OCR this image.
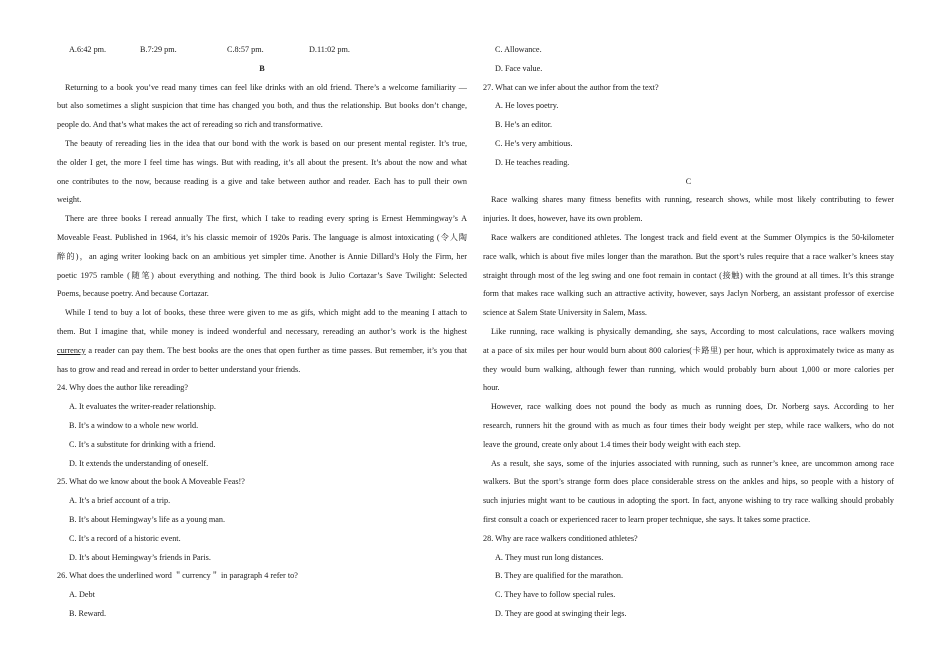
A.6:42 pm.	B.7:29 pm.	C.8:57 pm.	D.11:02 pm.
B
Returning to a book you’ve read many times can feel like drinks with an old friend. There’s a welcome familiarity —
but also sometimes a slight suspicion that time has changed you both, and thus the relationship. But books don’t change,
people do. And that’s what makes the act of rereading so rich and transformative.
The beauty of rereading lies in the idea that our bond with the work is based on our present mental register. It’s true,
the older I get, the more I feel time has wings. But with reading, it’s all about the present. It’s about the now and what
one contributes to the now, because reading is a give and take between author and reader. Each has to pull their own
weight.
There are three books I reread annually The first, which I take to reading every spring is Ernest Hemmingway’s A
Moveable Feast. Published in 1964, it’s his classic memoir of 1920s Paris. The language is almost intoxicating (令人陶
醉的)，an aging writer looking back on an ambitious yet simpler time. Another is Annie Dillard’s Holy the Firm, her
poetic 1975 ramble (随笔) about everything and nothing. The third book is Julio Cortazar’s Save Twilight: Selected
Poems, because poetry. And because Cortazar.
While I tend to buy a lot of books, these three were given to me as gifs, which might add to the meaning I attach to
them. But I imagine that, while money is indeed wonderful and necessary, rereading an author’s work is the highest
currency a reader can pay them. The best books are the ones that open further as time passes. But remember, it’s you that
has to grow and read and reread in order to better understand your friends.
24. Why does the author like rereading?
A. It evaluates the writer-reader relationship.
B. It’s a window to a whole new world.
C. It’s a substitute for drinking with a friend.
D. It extends the understanding of oneself.
25. What do we know about the book A Moveable Feas!?
A. It’s a brief account of a trip.
B. It’s about Hemingway’s life as a young man.
C. It’s a record of a historic event.
D. It’s about Hemingway’s friends in Paris.
26. What does the underlined word ＂currency＂ in paragraph 4 refer to?
A. Debt
B. Reward.
C. Allowance.
D. Face value.
27. What can we infer about the author from the text?
A. He loves poetry.
B. He’s an editor.
C. He’s very ambitious.
D. He teaches reading.
C
Race walking shares many fitness benefits with running, research shows, while most likely contributing to fewer
injuries. It does, however, have its own problem.
Race walkers are conditioned athletes. The longest track and field event at the Summer Olympics is the 50-kilometer
race walk, which is about five miles longer than the marathon. But the sport’s rules require that a race walker’s knees stay
straight through most of the leg swing and one foot remain in contact (接触) with the ground at all times. It’s this strange
form that makes race walking such an attractive activity, however, says Jaclyn Norberg, an assistant professor of exercise
science at Salem State University in Salem, Mass.
Like running, race walking is physically demanding, she says, According to most calculations, race walkers moving
at a pace of six miles per hour would burn about 800 calories(卡路里) per hour, which is approximately twice as many as
they would burn walking, although fewer than running, which would probably burn about 1,000 or more calories per
hour.
However, race walking does not pound the body as much as running does, Dr. Norberg says. According to her
research, runners hit the ground with as much as four times their body weight per step, while race walkers, who do not
leave the ground, create only about 1.4 times their body weight with each step.
As a result, she says, some of the injuries associated with running, such as runner’s knee, are uncommon among race
walkers. But the sport’s strange form does place considerable stress on the ankles and hips, so people with a history of
such injuries might want to be cautious in adopting the sport. In fact, anyone wishing to try race walking should probably
first consult a coach or experienced racer to learn proper technique, she says. It takes some practice.
28. Why are race walkers conditioned athletes?
A. They must run long distances.
B. They are qualified for the marathon.
C. They have to follow special rules.
D. They are good at swinging their legs.
